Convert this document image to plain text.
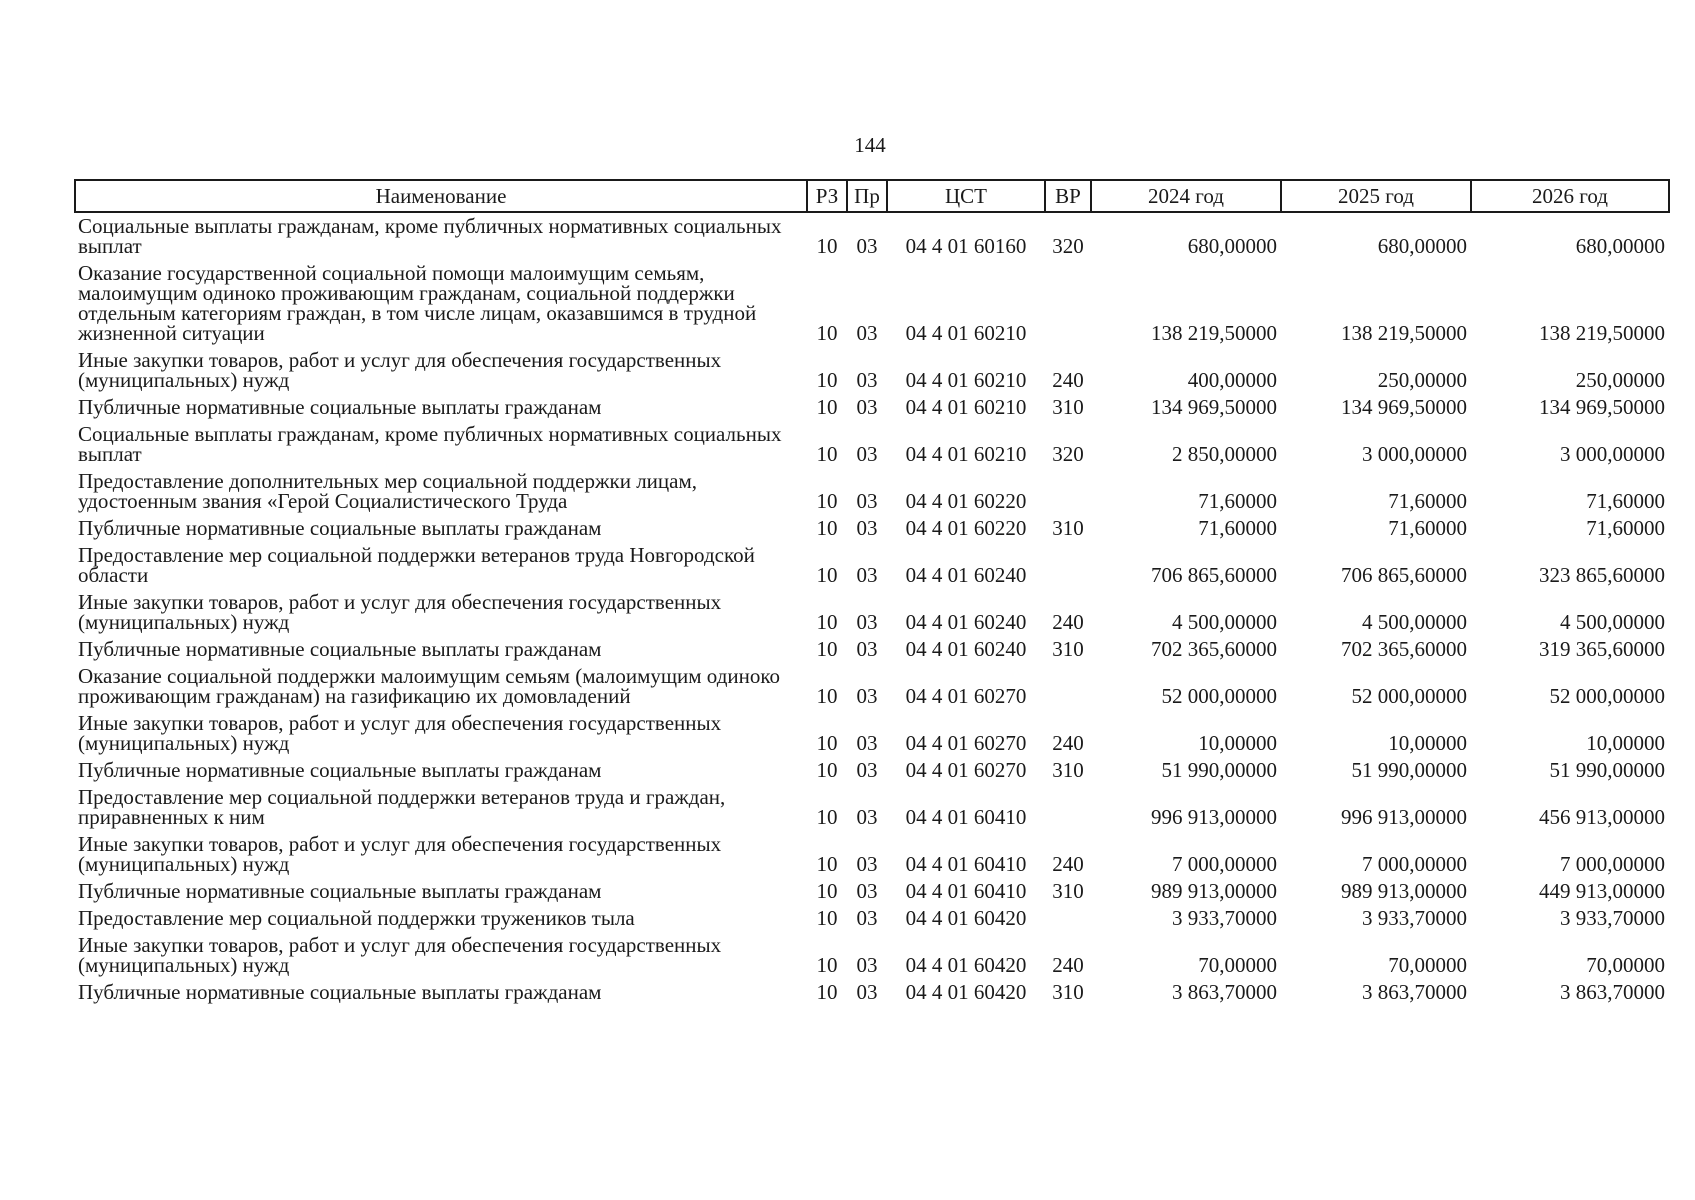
144
Наименование	РЗ	Пр	ЦСТ	ВР	2024 год	2025 год	2026 год
Социальные выплаты гражданам, кроме публичных нормативных социальных выплат	10	03	04 4 01 60160	320	680,00000	680,00000	680,00000
Оказание государственной социальной помощи малоимущим семьям, малоимущим одиноко проживающим гражданам, социальной поддержки отдельным категориям граждан, в том числе лицам, оказавшимся в трудной жизненной ситуации	10	03	04 4 01 60210		138 219,50000	138 219,50000	138 219,50000
Иные закупки товаров, работ и услуг для обеспечения государственных (муниципальных) нужд	10	03	04 4 01 60210	240	400,00000	250,00000	250,00000
Публичные нормативные социальные выплаты гражданам	10	03	04 4 01 60210	310	134 969,50000	134 969,50000	134 969,50000
Социальные выплаты гражданам, кроме публичных нормативных социальных выплат	10	03	04 4 01 60210	320	2 850,00000	3 000,00000	3 000,00000
Предоставление дополнительных мер социальной поддержки лицам, удостоенным звания «Герой Социалистического Труда	10	03	04 4 01 60220		71,60000	71,60000	71,60000
Публичные нормативные социальные выплаты гражданам	10	03	04 4 01 60220	310	71,60000	71,60000	71,60000
Предоставление мер социальной поддержки ветеранов труда Новгородской области	10	03	04 4 01 60240		706 865,60000	706 865,60000	323 865,60000
Иные закупки товаров, работ и услуг для обеспечения государственных (муниципальных) нужд	10	03	04 4 01 60240	240	4 500,00000	4 500,00000	4 500,00000
Публичные нормативные социальные выплаты гражданам	10	03	04 4 01 60240	310	702 365,60000	702 365,60000	319 365,60000
Оказание социальной поддержки малоимущим семьям (малоимущим одиноко проживающим гражданам) на газификацию их домовладений	10	03	04 4 01 60270		52 000,00000	52 000,00000	52 000,00000
Иные закупки товаров, работ и услуг для обеспечения государственных (муниципальных) нужд	10	03	04 4 01 60270	240	10,00000	10,00000	10,00000
Публичные нормативные социальные выплаты гражданам	10	03	04 4 01 60270	310	51 990,00000	51 990,00000	51 990,00000
Предоставление мер социальной поддержки ветеранов труда и граждан, приравненных к ним	10	03	04 4 01 60410		996 913,00000	996 913,00000	456 913,00000
Иные закупки товаров, работ и услуг для обеспечения государственных (муниципальных) нужд	10	03	04 4 01 60410	240	7 000,00000	7 000,00000	7 000,00000
Публичные нормативные социальные выплаты гражданам	10	03	04 4 01 60410	310	989 913,00000	989 913,00000	449 913,00000
Предоставление мер социальной поддержки тружеников тыла	10	03	04 4 01 60420		3 933,70000	3 933,70000	3 933,70000
Иные закупки товаров, работ и услуг для обеспечения государственных (муниципальных) нужд	10	03	04 4 01 60420	240	70,00000	70,00000	70,00000
Публичные нормативные социальные выплаты гражданам	10	03	04 4 01 60420	310	3 863,70000	3 863,70000	3 863,70000
